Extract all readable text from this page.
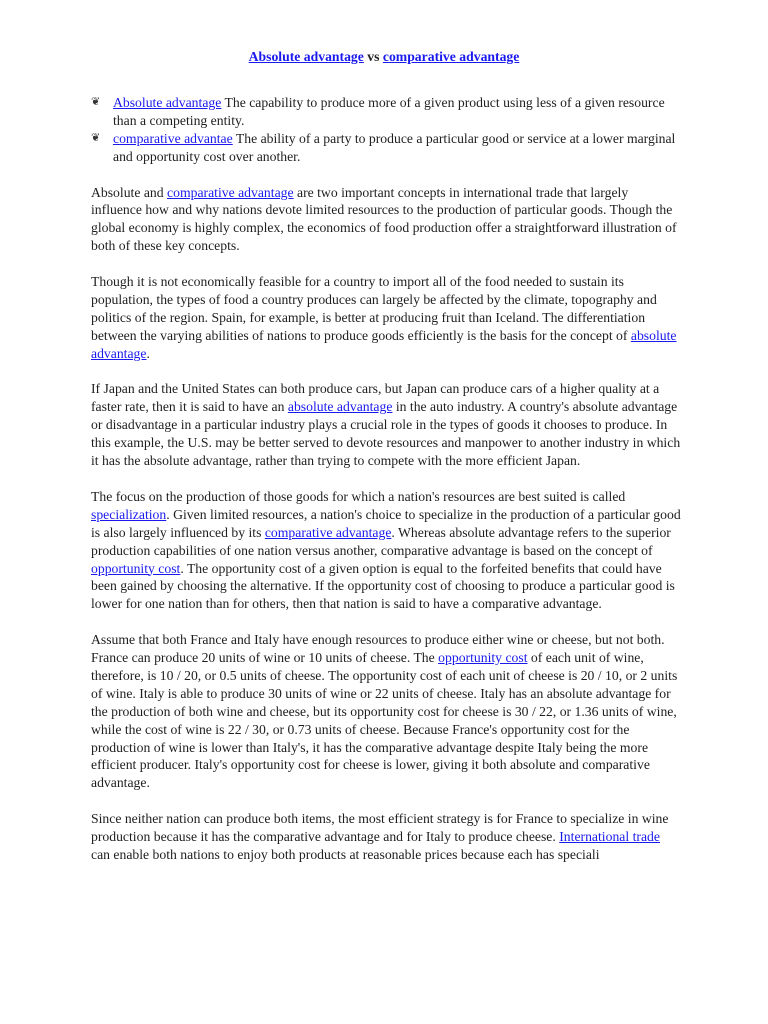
Absolute advantage vs comparative advantage
❦ Absolute advantage The capability to produce more of a given product using less of a given resource than a competing entity.
❦ comparative advantae The ability of a party to produce a particular good or service at a lower marginal and opportunity cost over another.

Absolute and comparative advantage are two important concepts in international trade that largely influence how and why nations devote limited resources to the production of particular goods. Though the global economy is highly complex, the economics of food production offer a straightforward illustration of both of these key concepts.

Though it is not economically feasible for a country to import all of the food needed to sustain its population, the types of food a country produces can largely be affected by the climate, topography and politics of the region. Spain, for example, is better at producing fruit than Iceland. The differentiation between the varying abilities of nations to produce goods efficiently is the basis for the concept of absolute advantage.

If Japan and the United States can both produce cars, but Japan can produce cars of a higher quality at a faster rate, then it is said to have an absolute advantage in the auto industry. A country's absolute advantage or disadvantage in a particular industry plays a crucial role in the types of goods it chooses to produce. In this example, the U.S. may be better served to devote resources and manpower to another industry in which it has the absolute advantage, rather than trying to compete with the more efficient Japan.

The focus on the production of those goods for which a nation's resources are best suited is called specialization. Given limited resources, a nation's choice to specialize in the production of a particular good is also largely influenced by its comparative advantage. Whereas absolute advantage refers to the superior production capabilities of one nation versus another, comparative advantage is based on the concept of opportunity cost. The opportunity cost of a given option is equal to the forfeited benefits that could have been gained by choosing the alternative. If the opportunity cost of choosing to produce a particular good is lower for one nation than for others, then that nation is said to have a comparative advantage.

Assume that both France and Italy have enough resources to produce either wine or cheese, but not both. France can produce 20 units of wine or 10 units of cheese. The opportunity cost of each unit of wine, therefore, is 10 / 20, or 0.5 units of cheese. The opportunity cost of each unit of cheese is 20 / 10, or 2 units of wine. Italy is able to produce 30 units of wine or 22 units of cheese. Italy has an absolute advantage for the production of both wine and cheese, but its opportunity cost for cheese is 30 / 22, or 1.36 units of wine, while the cost of wine is 22 / 30, or 0.73 units of cheese. Because France's opportunity cost for the production of wine is lower than Italy's, it has the comparative advantage despite Italy being the more efficient producer. Italy's opportunity cost for cheese is lower, giving it both absolute and comparative advantage.

Since neither nation can produce both items, the most efficient strategy is for France to specialize in wine production because it has the comparative advantage and for Italy to produce cheese. International trade can enable both nations to enjoy both products at reasonable prices because each has speciali
